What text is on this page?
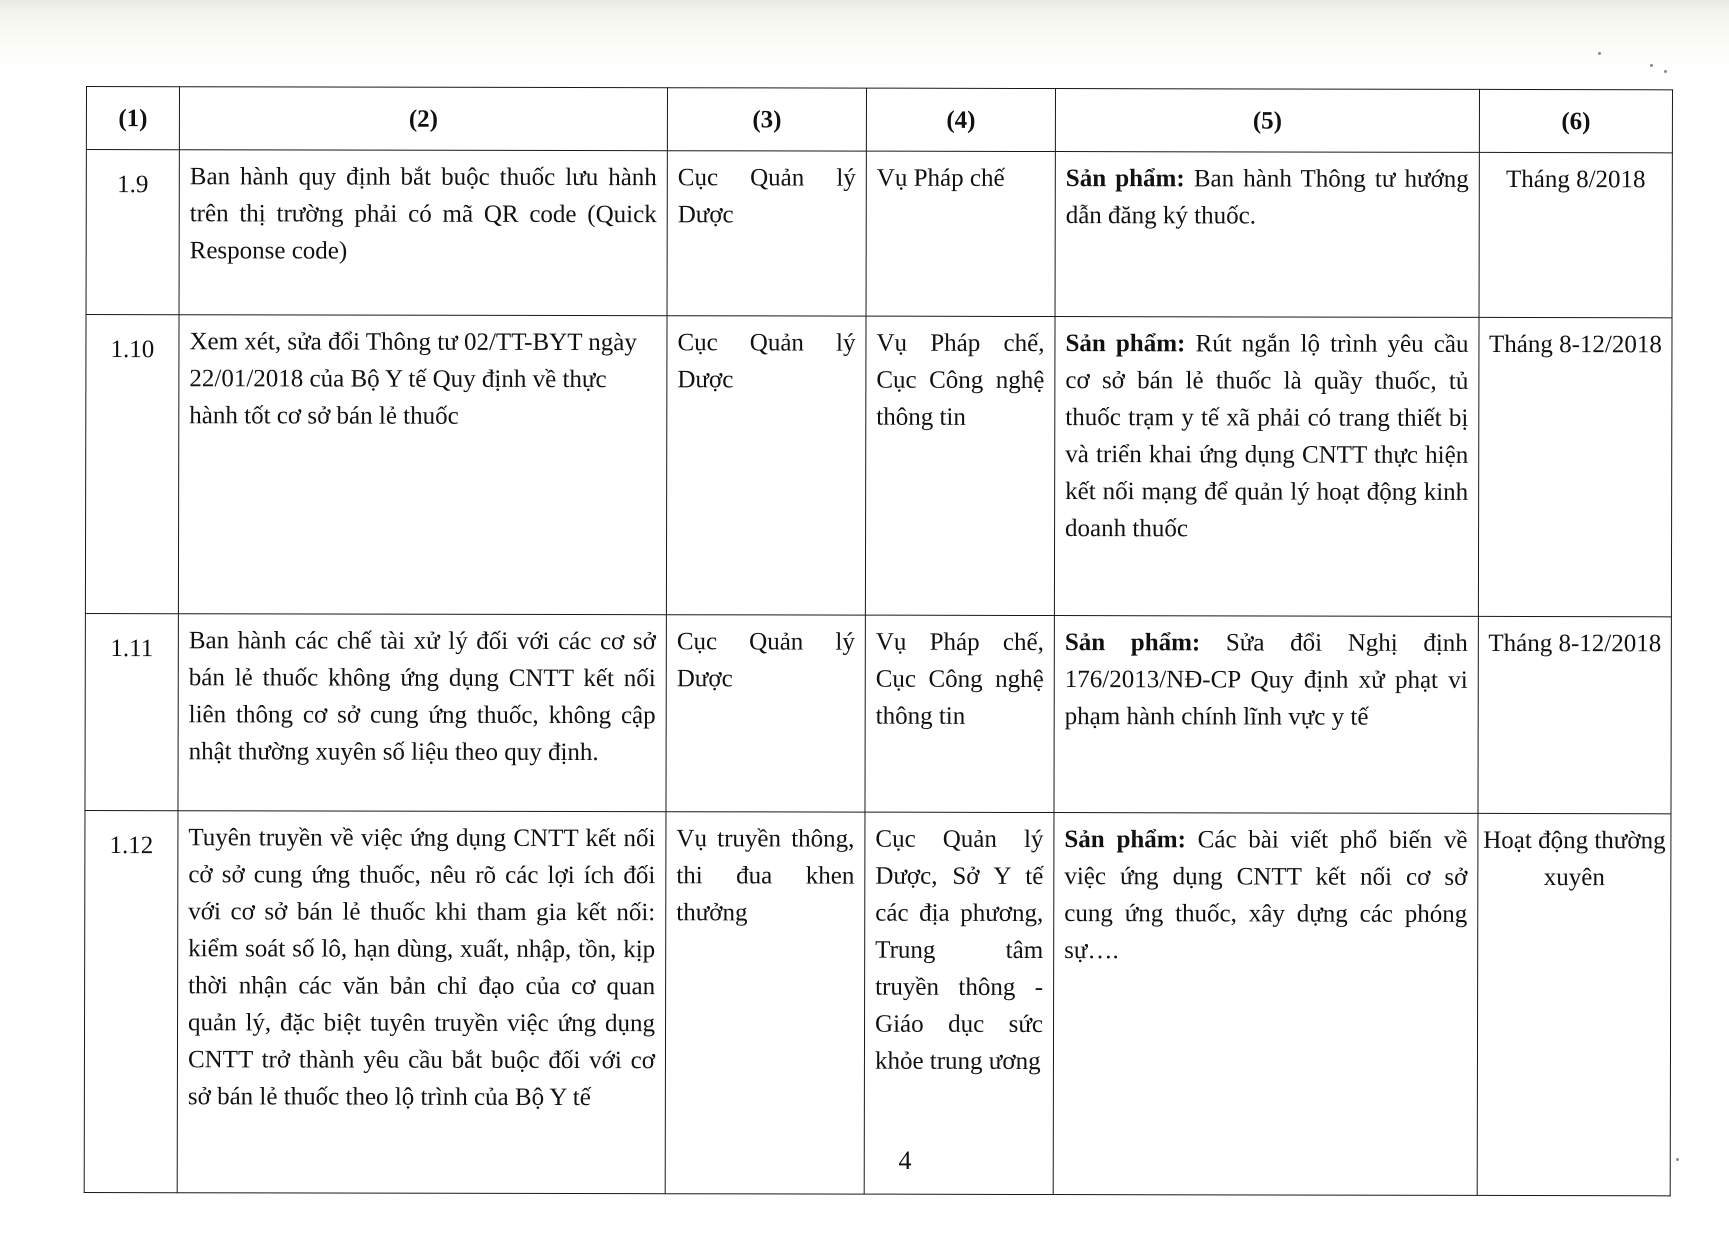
(1)	(2)	(3)	(4)	(5)	(6)
1.9	Ban hành quy định bắt buộc thuốc lưu hành trên thị trường phải có mã QR code (Quick Response code)	Cục Quản lý Dược	Vụ Pháp chế	Sản phẩm: Ban hành Thông tư hướng dẫn đăng ký thuốc.	Tháng 8/2018
1.10	Xem xét, sửa đổi Thông tư 02/TT-BYT ngày 22/01/2018 của Bộ Y tế Quy định về thực hành tốt cơ sở bán lẻ thuốc	Cục Quản lý Dược	Vụ Pháp chế, Cục Công nghệ thông tin	Sản phẩm: Rút ngắn lộ trình yêu cầu cơ sở bán lẻ thuốc là quầy thuốc, tủ thuốc trạm y tế xã phải có trang thiết bị và triển khai ứng dụng CNTT thực hiện kết nối mạng để quản lý hoạt động kinh doanh thuốc	Tháng 8-12/2018
1.11	Ban hành các chế tài xử lý đối với các cơ sở bán lẻ thuốc không ứng dụng CNTT kết nối liên thông cơ sở cung ứng thuốc, không cập nhật thường xuyên số liệu theo quy định.	Cục Quản lý Dược	Vụ Pháp chế, Cục Công nghệ thông tin	Sản phẩm: Sửa đổi Nghị định 176/2013/NĐ-CP Quy định xử phạt vi phạm hành chính lĩnh vực y tế	Tháng 8-12/2018
1.12	Tuyên truyền về việc ứng dụng CNTT kết nối cở sở cung ứng thuốc, nêu rõ các lợi ích đối với cơ sở bán lẻ thuốc khi tham gia kết nối: kiểm soát số lô, hạn dùng, xuất, nhập, tồn, kịp thời nhận các văn bản chỉ đạo của cơ quan quản lý, đặc biệt tuyên truyền việc ứng dụng CNTT trở thành yêu cầu bắt buộc đối với cơ sở bán lẻ thuốc theo lộ trình của Bộ Y tế	Vụ truyền thông, thi đua khen thưởng	Cục Quản lý Dược, Sở Y tế các địa phương, Trung tâm truyền thông - Giáo dục sức khỏe trung ương	Sản phẩm: Các bài viết phổ biến về việc ứng dụng CNTT kết nối cơ sở cung ứng thuốc, xây dựng các phóng sự….	Hoạt động thường xuyên
4
